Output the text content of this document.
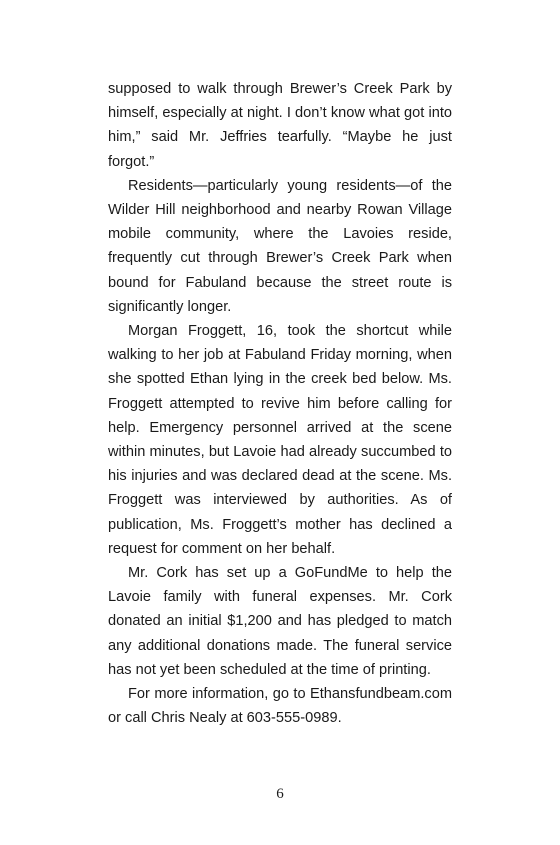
supposed to walk through Brewer’s Creek Park by himself, especially at night. I don’t know what got into him,” said Mr. Jeffries tearfully. “Maybe he just forgot.”

Residents—particularly young residents—of the Wilder Hill neighborhood and nearby Rowan Village mobile community, where the Lavoies reside, frequently cut through Brewer’s Creek Park when bound for Fabuland because the street route is significantly longer.

Morgan Froggett, 16, took the shortcut while walking to her job at Fabuland Friday morning, when she spotted Ethan lying in the creek bed below. Ms. Froggett attempted to revive him before calling for help. Emergency personnel arrived at the scene within minutes, but Lavoie had already succumbed to his injuries and was declared dead at the scene. Ms. Froggett was interviewed by authorities. As of publication, Ms. Froggett’s mother has declined a request for comment on her behalf.

Mr. Cork has set up a GoFundMe to help the Lavoie family with funeral expenses. Mr. Cork donated an initial $1,200 and has pledged to match any additional donations made. The funeral service has not yet been scheduled at the time of printing.

For more information, go to Ethansfundbeam.com or call Chris Nealy at 603-555-0989.

6
